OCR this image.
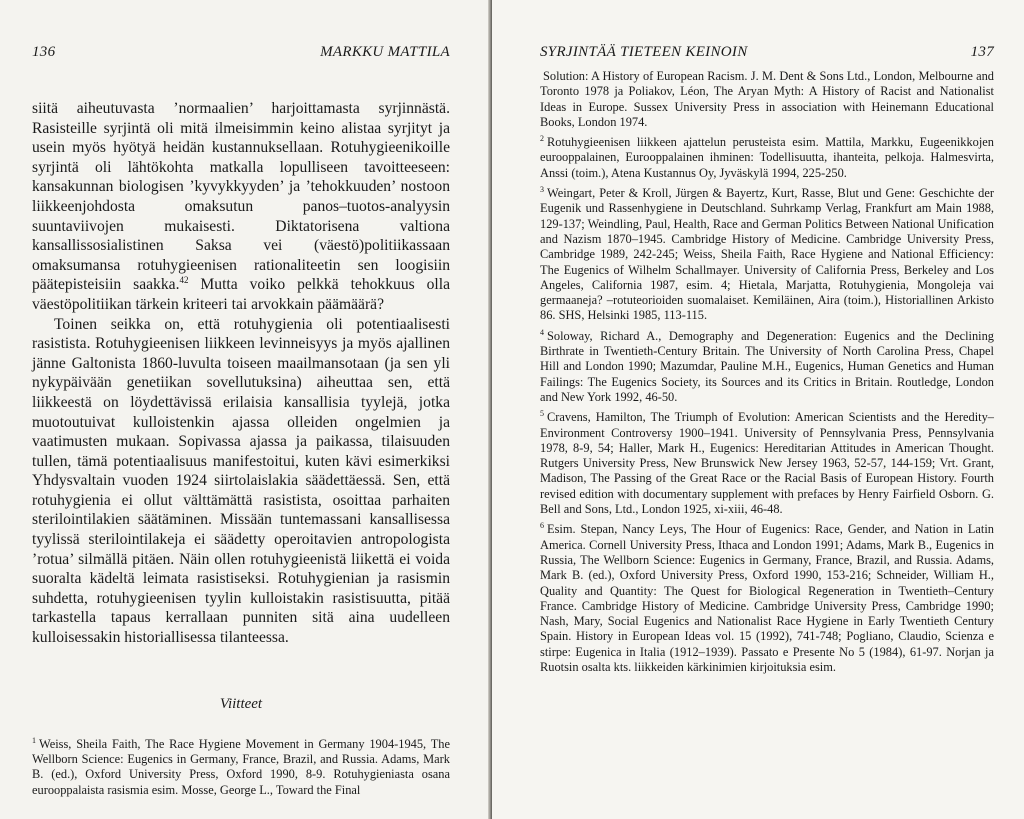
136	MARKKU MATTILA

siitä aiheutuvasta ’normaalien’ harjoittamasta syrjinnästä. Rasisteille syrjintä oli mitä ilmeisimmin keino alistaa syrjityt ja usein myös hyötyä heidän kustannuksellaan. Rotuhygieenikoille syrjintä oli lähtökohta matkalla lopulliseen tavoitteeseen: kansakunnan biologisen ’kyvykkyyden’ ja ’tehokkuuden’ nostoon liikkeenjohdosta omaksutun panos–tuotos-analyysin suuntaviivojen mukaisesti. Diktatorisena valtiona kansallissosialistinen Saksa vei (väestö)politiikassaan omaksumansa rotuhygieenisen rationaliteetin sen loogisiin päätepisteisiin saakka.$^{42}$ Mutta voiko pelkkä tehokkuus olla väestöpolitiikan tärkein kriteeri tai arvokkain päämäärä?

Toinen seikka on, että rotuhygienia oli potentiaalisesti rasististа. Rotuhygieenisen liikkeen levinneisyys ja myös ajallinen jänne Galtonista 1860-luvulta toiseen maailmansotaan (ja sen yli nykypäivään genetiikan sovellutuksina) aiheuttaa sen, että liikkeestä on löydettävissä erilaisia kansallisia tyylejä, jotka muotoutuivat kulloistenkin ajassa olleiden ongelmien ja vaatimusten mukaan. Sopivassa ajassa ja paikassa, tilaisuuden tullen, tämä potentiaalisuus manifestoitui, kuten kävi esimerkiksi Yhdysvaltain vuoden 1924 siirtolaislakia säädettäessä. Sen, että rotuhygienia ei ollut välttämättä rasistista, osoittaa parhaiten sterilointilakien säätäminen. Missään tuntemassani kansallisessa tyylissä sterilointilakeja ei säädetty operoitavien antropologista ’rotua’ silmällä pitäen. Näin ollen rotuhygieenistä liikettä ei voida suoralta kädeltä leimata rasistiseksi. Rotuhygienian ja rasismin suhdetta, rotuhygieenisen tyylin kulloistakin rasistisuutta, pitää tarkastella tapaus kerrallaan punniten sitä aina uudelleen kulloisessakin historiallisessa tilanteessa.

Viitteet

$^1$ Weiss, Sheila Faith, The Race Hygiene Movement in Germany 1904-1945, The Wellborn Science: Eugenics in Germany, France, Brazil, and Russia. Adams, Mark B. (ed.), Oxford University Press, Oxford 1990, 8-9. Rotuhygieniasta osana eurooppalaista rasismia esim. Mosse, George L., Toward the Final

SYRJINTÄÄ TIETEEN KEINOIN	137

Solution: A History of European Racism. J. M. Dent & Sons Ltd., London, Melbourne and Toronto 1978 ja Poliakov, Léon, The Aryan Myth: A History of Racist and Nationalist Ideas in Europe. Sussex University Press in association with Heinemann Educational Books, London 1974.

$^2$ Rotuhygieenisen liikkeen ajattelun perusteista esim. Mattila, Markku, Eugeenikkojen eurooppalainen, Eurooppalainen ihminen: Todellisuutta, ihanteita, pelkoja. Halmesvirta, Anssi (toim.), Atena Kustannus Oy, Jyväskylä 1994, 225-250.

$^3$ Weingart, Peter & Kroll, Jürgen & Bayertz, Kurt, Rasse, Blut und Gene: Geschichte der Eugenik und Rassenhygiene in Deutschland. Suhrkamp Verlag, Frankfurt am Main 1988, 129-137; Weindling, Paul, Health, Race and German Politics Between National Unification and Nazism 1870–1945. Cambridge History of Medicine. Cambridge University Press, Cambridge 1989, 242-245; Weiss, Sheila Faith, Race Hygiene and National Efficiency: The Eugenics of Wilhelm Schallmayer. University of California Press, Berkeley and Los Angeles, California 1987, esim. 4; Hietala, Marjatta, Rotuhygienia, Mongoleja vai germaaneja? –rotuteorioiden suomalaiset. Kemiläinen, Aira (toim.), Historiallinen Arkisto 86. SHS, Helsinki 1985, 113-115.

$^4$ Soloway, Richard A., Demography and Degeneration: Eugenics and the Declining Birthrate in Twentieth-Century Britain. The University of North Carolina Press, Chapel Hill and London 1990; Mazumdar, Pauline M.H., Eugenics, Human Genetics and Human Failings: The Eugenics Society, its Sources and its Critics in Britain. Routledge, London and New York 1992, 46-50.

$^5$ Cravens, Hamilton, The Triumph of Evolution: American Scientists and the Heredity–Environment Controversy 1900–1941. University of Pennsylvania Press, Pennsylvania 1978, 8-9, 54; Haller, Mark H., Eugenics: Hereditarian Attitudes in American Thought. Rutgers University Press, New Brunswick New Jersey 1963, 52-57, 144-159; Vrt. Grant, Madison, The Passing of the Great Race or the Racial Basis of European History. Fourth revised edition with documentary supplement with prefaces by Henry Fairfield Osborn. G. Bell and Sons, Ltd., London 1925, xi-xiii, 46-48.

$^6$ Esim. Stepan, Nancy Leys, The Hour of Eugenics: Race, Gender, and Nation in Latin America. Cornell University Press, Ithaca and London 1991; Adams, Mark B., Eugenics in Russia, The Wellborn Science: Eugenics in Germany, France, Brazil, and Russia. Adams, Mark B. (ed.), Oxford University Press, Oxford 1990, 153-216; Schneider, William H., Quality and Quantity: The Quest for Biological Regeneration in Twentieth–Century France. Cambridge History of Medicine. Cambridge University Press, Cambridge 1990; Nash, Mary, Social Eugenics and Nationalist Race Hygiene in Early Twentieth Century Spain. History in European Ideas vol. 15 (1992), 741-748; Pogliano, Claudio, Scienza e stirpe: Eugenica in Italia (1912–1939). Passato e Presente No 5 (1984), 61-97. Norjan ja Ruotsin osalta kts. liikkeiden kärkinimien kirjoituksia esim.
